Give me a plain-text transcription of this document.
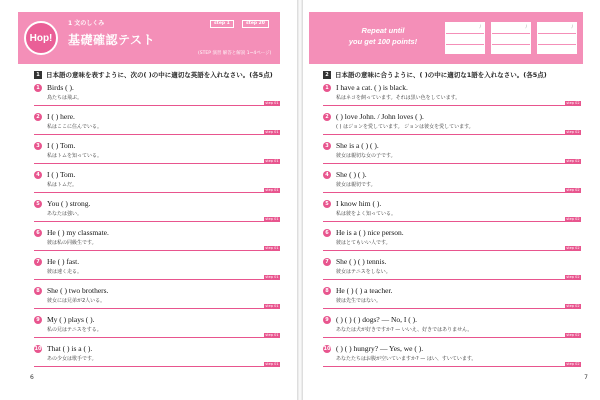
Hop!
1 文のしくみ
基礎確認テスト
step 1	step 20
(STEP 演習 解答と解説 1~4ページ)
1 日本語の意味を表すように、次の( )の中に適切な英語を入れなさい。(各5点)
1 Birds ( ).
鳥たちは飛ぶ。
step 01
2 I ( ) here.
私はここに住んでいる。
step 01
3 I ( ) Tom.
私はトムを知っている。
step 01
4 I ( ) Tom.
私はトムだ。
step 01
5 You ( ) strong.
あなたは強い。
step 01
6 He ( ) my classmate.
彼は私の同級生です。
step 01
7 He ( ) fast.
彼は速く走る。
step 01
8 She ( ) two brothers.
彼女には兄弟が2人いる。
step 01
9 My ( ) plays ( ).
私の兄はテニスをする。
step 01
10 That ( ) is a ( ).
あの少女は歌手です。
step 01
6
Repeat until
you get 100 points!
/	/	/
2 日本語の意味に合うように、( )の中に適切な1語を入れなさい。(各5点)
1 I have a cat. ( ) is black.
私はネコを飼っています。それは黒い色をしています。
step 02
2 ( ) love John. / John loves ( ).
( ) はジョンを愛しています。 ジョンは彼女を愛しています。
step 02
3 She is a ( ) ( ).
彼女は親切な女の子です。
step 02
4 She ( ) ( ).
彼女は親切です。
step 02
5 I know him ( ).
私は彼をよく知っている。
step 02
6 He is a ( ) nice person.
彼はとてもいい人です。
step 02
7 She ( ) ( ) tennis.
彼女はテニスをしない。
step 02
8 He ( ) ( ) a teacher.
彼は先生ではない。
step 02
9 ( ) ( ) ( ) dogs? — No, I ( ).
あなたは犬が好きですか? — いいえ、好きではありません。
step 02
10 ( ) ( ) hungry? — Yes, we ( ).
あなたたちはお腹が空いていますか? — はい、すいています。
step 02
7
